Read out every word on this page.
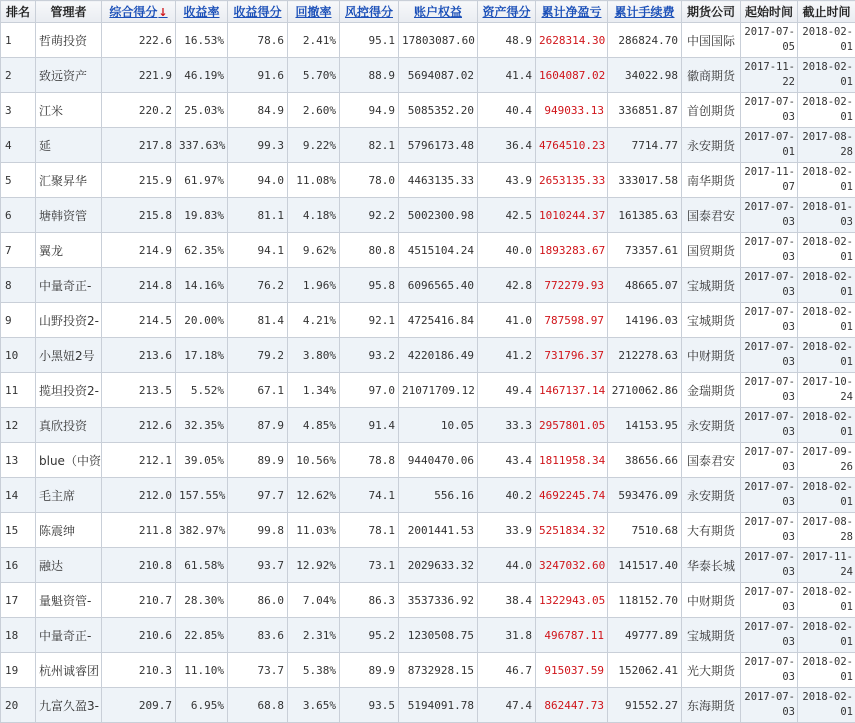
排名	管理者	综合得分↓	收益率	收益得分	回撤率	风控得分	账户权益	资产得分	累计净盈亏	累计手续费	期货公司	起始时间	截止时间
1	哲萌投资	222.6	16.53%	78.6	2.41%	95.1	17803087.60	48.9	2628314.30	286824.70	中国国际	2017-07-05	2018-02-01
2	致远资产	221.9	46.19%	91.6	5.70%	88.9	5694087.02	41.4	1604087.02	34022.98	徽商期货	2017-11-22	2018-02-01
3	江米	220.2	25.03%	84.9	2.60%	94.9	5085352.20	40.4	949033.13	336851.87	首创期货	2017-07-03	2018-02-01
4	延	217.8	337.63%	99.3	9.22%	82.1	5796173.48	36.4	4764510.23	7714.77	永安期货	2017-07-01	2017-08-28
5	汇聚昇华	215.9	61.97%	94.0	11.08%	78.0	4463135.33	43.9	2653135.33	333017.58	南华期货	2017-11-07	2018-02-01
6	塘韩资管	215.8	19.83%	81.1	4.18%	92.2	5002300.98	42.5	1010244.37	161385.63	国泰君安	2017-07-03	2018-01-03
7	翼龙	214.9	62.35%	94.1	9.62%	80.8	4515104.24	40.0	1893283.67	73357.61	国贸期货	2017-07-03	2018-02-01
8	中量奇正-	214.8	14.16%	76.2	1.96%	95.8	6096565.40	42.8	772279.93	48665.07	宝城期货	2017-07-03	2018-02-01
9	山野投资2-	214.5	20.00%	81.4	4.21%	92.1	4725416.84	41.0	787598.97	14196.03	宝城期货	2017-07-03	2018-02-01
10	小黑妞2号	213.6	17.18%	79.2	3.80%	93.2	4220186.49	41.2	731796.37	212278.63	中财期货	2017-07-03	2018-02-01
11	揽坦投资2-	213.5	5.52%	67.1	1.34%	97.0	21071709.12	49.4	1467137.14	2710062.86	金瑞期货	2017-07-03	2017-10-24
12	真欣投资	212.6	32.35%	87.9	4.85%	91.4	10.05	33.3	2957801.05	14153.95	永安期货	2017-07-03	2018-02-01
13	blue（中资	212.1	39.05%	89.9	10.56%	78.8	9440470.06	43.4	1811958.34	38656.66	国泰君安	2017-07-03	2017-09-26
14	毛主席	212.0	157.55%	97.7	12.62%	74.1	556.16	40.2	4692245.74	593476.09	永安期货	2017-07-03	2018-02-01
15	陈震绅	211.8	382.97%	99.8	11.03%	78.1	2001441.53	33.9	5251834.32	7510.68	大有期货	2017-07-03	2017-08-28
16	融达	210.8	61.58%	93.7	12.92%	73.1	2029633.32	44.0	3247032.60	141517.40	华泰长城	2017-07-03	2017-11-24
17	量魁资管-	210.7	28.30%	86.0	7.04%	86.3	3537336.92	38.4	1322943.05	118152.70	中财期货	2017-07-03	2018-02-01
18	中量奇正-	210.6	22.85%	83.6	2.31%	95.2	1230508.75	31.8	496787.11	49777.89	宝城期货	2017-07-03	2018-02-01
19	杭州诚睿团	210.3	11.10%	73.7	5.38%	89.9	8732928.15	46.7	915037.59	152062.41	光大期货	2017-07-03	2018-02-01
20	九富久盈3-	209.7	6.95%	68.8	3.65%	93.5	5194091.78	47.4	862447.73	91552.27	东海期货	2017-07-03	2018-02-01
